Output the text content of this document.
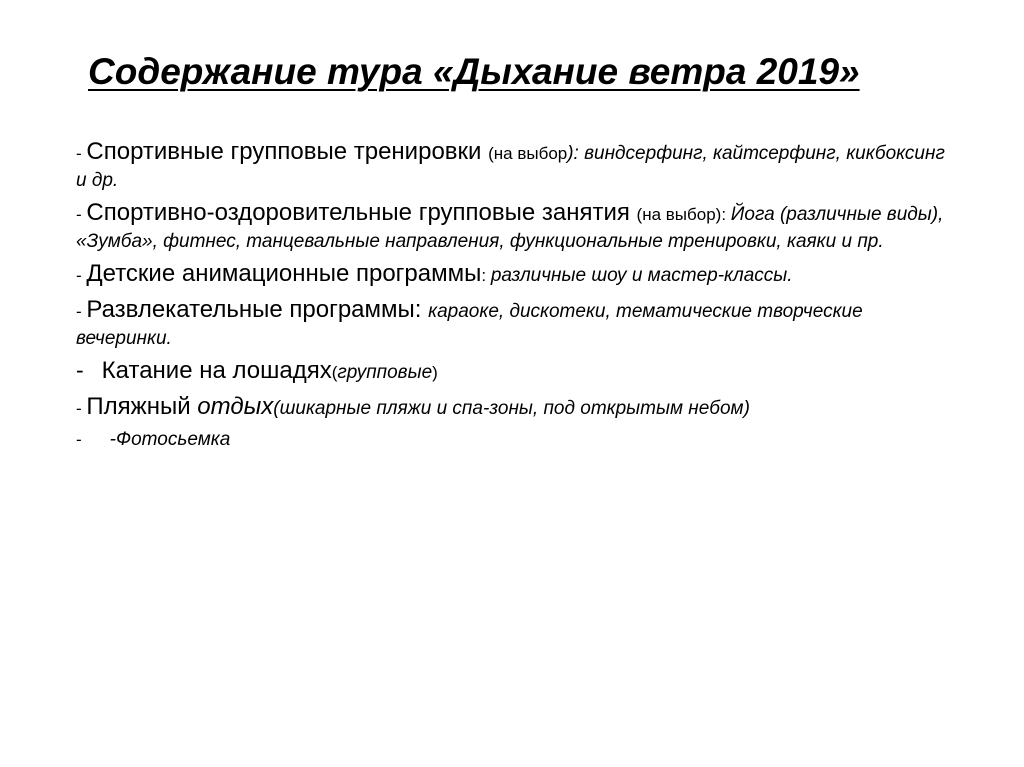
Содержание тура «Дыхание ветра 2019»

- Спортивные групповые тренировки (на выбор): виндсерфинг, кайтсерфинг, кикбоксинг и др.

- Спортивно-оздоровительные групповые занятия (на выбор): Йога (различные виды), «Зумба», фитнес, танцевальные направления, функциональные тренировки, каяки и пр.

- Детские анимационные программы: различные шоу и мастер-классы.

- Развлекательные программы: караоке, дискотеки, тематические творческие вечеринки.

- Катание на лошадях(групповые)

- Пляжный отдых(шикарные пляжи и спа-зоны, под открытым небом)

- -Фотосьемка
